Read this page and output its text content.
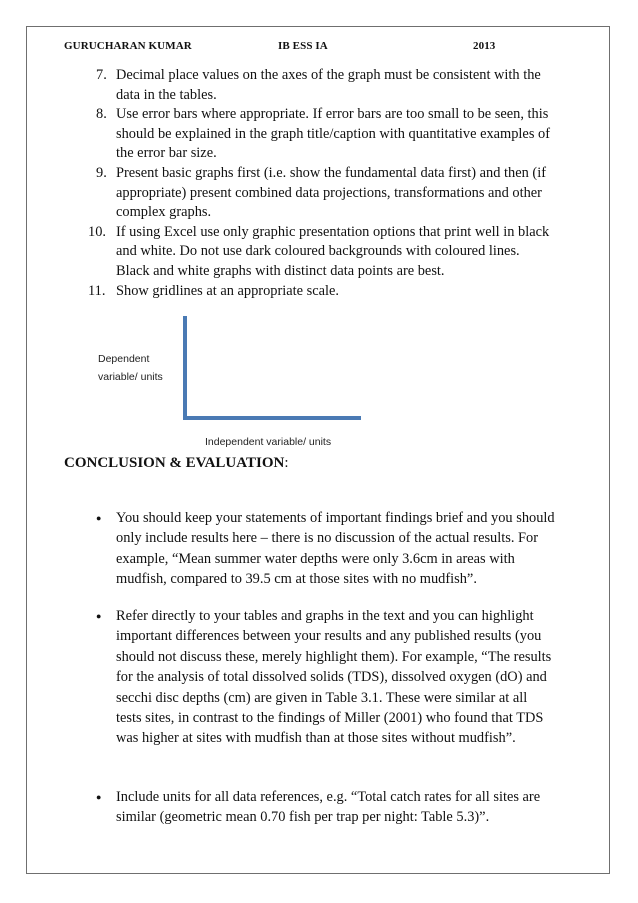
GURUCHARAN KUMAR	IB ESS IA	2013
7. Decimal place values on the axes of the graph must be consistent with the
data in the tables.
8. Use error bars where appropriate. If error bars are too small to be seen, this
should be explained in the graph title/caption with quantitative examples of
the error bar size.
9. Present basic graphs first (i.e. show the fundamental data first) and then (if
appropriate) present combined data projections, transformations and other
complex graphs.
10. If using Excel use only graphic presentation options that print well in black
and white. Do not use dark coloured backgrounds with coloured lines.
Black and white graphs with distinct data points are best.
11. Show gridlines at an appropriate scale.
Dependent
variable/ units
Independent variable/ units
CONCLUSION & EVALUATION:
●	You should keep your statements of important findings brief and you should
only include results here – there is no discussion of the actual results. For
example, “Mean summer water depths were only 3.6cm in areas with
mudfish, compared to 39.5 cm at those sites with no mudfish”.
●	Refer directly to your tables and graphs in the text and you can highlight
important differences between your results and any published results (you
should not discuss these, merely highlight them). For example, “The results
for the analysis of total dissolved solids (TDS), dissolved oxygen (dO) and
secchi disc depths (cm) are given in Table 3.1. These were similar at all
tests sites, in contrast to the findings of Miller (2001) who found that TDS
was higher at sites with mudfish than at those sites without mudfish”.
●	Include units for all data references, e.g. “Total catch rates for all sites are
similar (geometric mean 0.70 fish per trap per night: Table 5.3)”.
